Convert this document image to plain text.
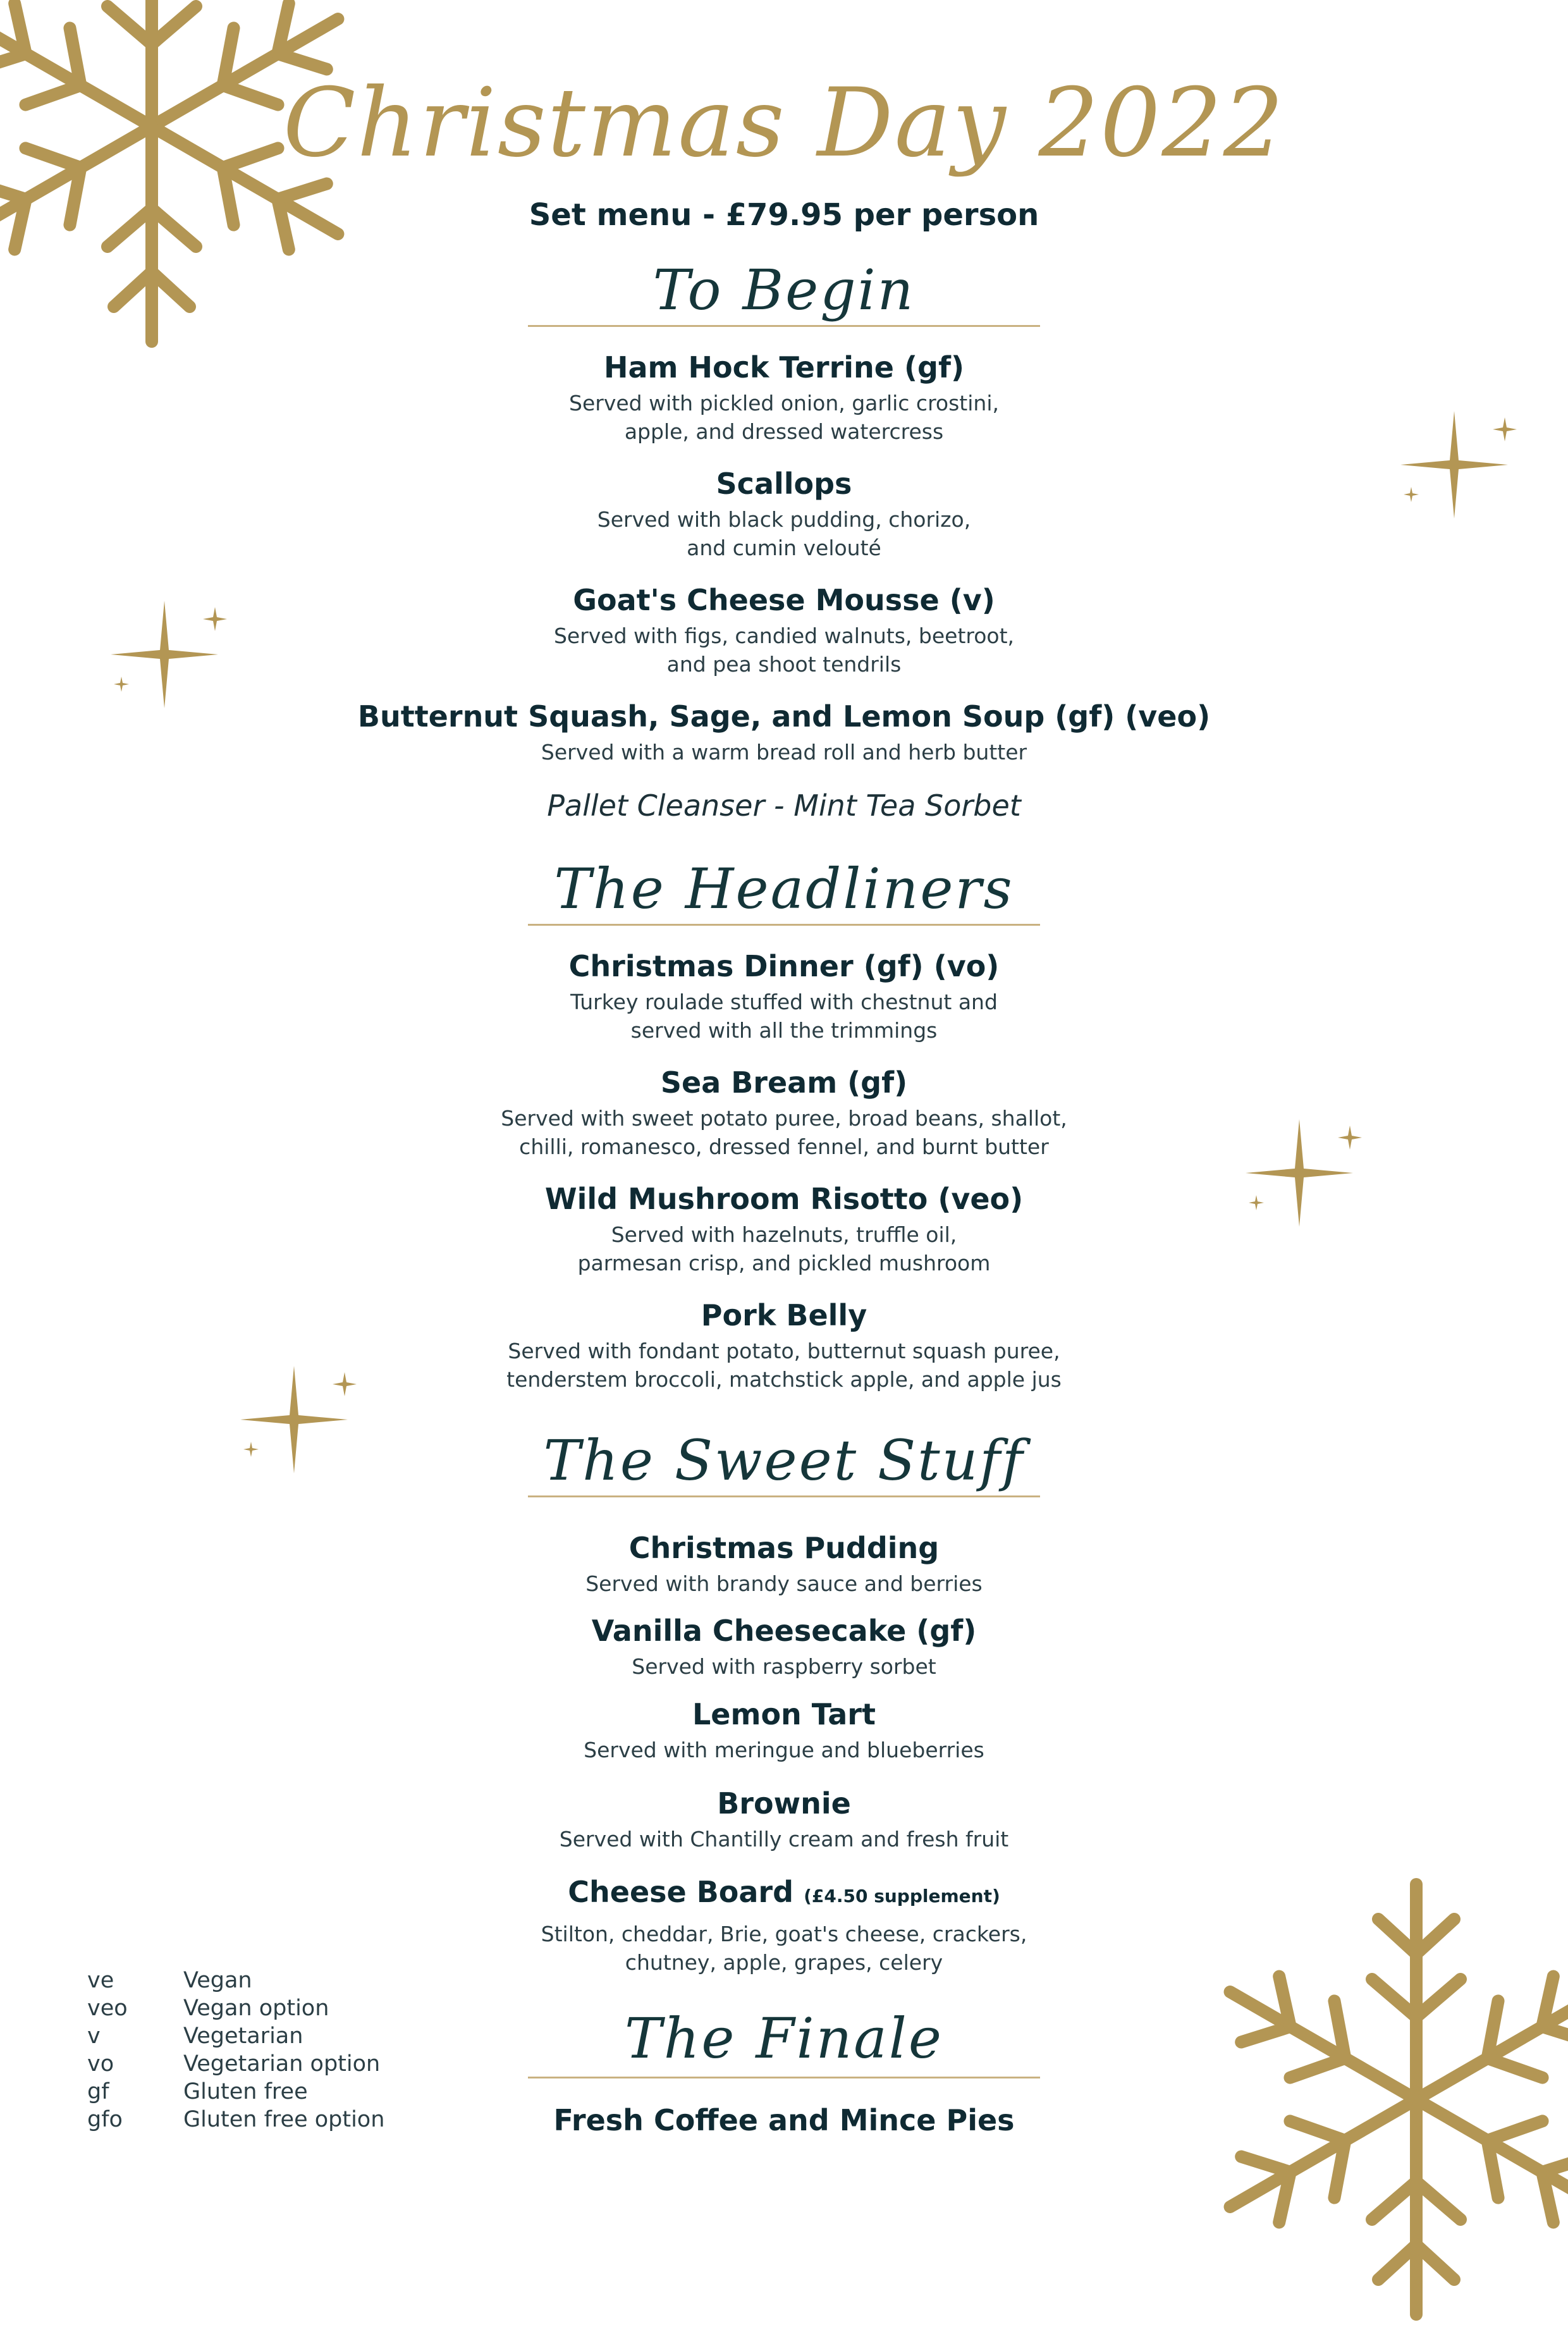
Christmas Day 2022
Set menu - £79.95 per person
To Begin
Ham Hock Terrine (gf)
Served with pickled onion, garlic crostini,
apple, and dressed watercress
Scallops
Served with black pudding, chorizo,
and cumin velouté
Goat's Cheese Mousse (v)
Served with figs, candied walnuts, beetroot,
and pea shoot tendrils
Butternut Squash, Sage, and Lemon Soup (gf) (veo)
Served with a warm bread roll and herb butter
Pallet Cleanser - Mint Tea Sorbet
The Headliners
Christmas Dinner (gf) (vo)
Turkey roulade stuffed with chestnut and
served with all the trimmings
Sea Bream (gf)
Served with sweet potato puree, broad beans, shallot,
chilli, romanesco, dressed fennel, and burnt butter
Wild Mushroom Risotto (veo)
Served with hazelnuts, truffle oil,
parmesan crisp, and pickled mushroom
Pork Belly
Served with fondant potato, butternut squash puree,
tenderstem broccoli, matchstick apple, and apple jus
The Sweet Stuff
Christmas Pudding
Served with brandy sauce and berries
Vanilla Cheesecake (gf)
Served with raspberry sorbet
Lemon Tart
Served with meringue and blueberries
Brownie
Served with Chantilly cream and fresh fruit
Cheese Board (£4.50 supplement)
Stilton, cheddar, Brie, goat's cheese, crackers,
chutney, apple, grapes, celery
The Finale
Fresh Coffee and Mince Pies
ve	Vegan
veo	Vegan option
v	Vegetarian
vo	Vegetarian option
gf	Gluten free
gfo	Gluten free option
